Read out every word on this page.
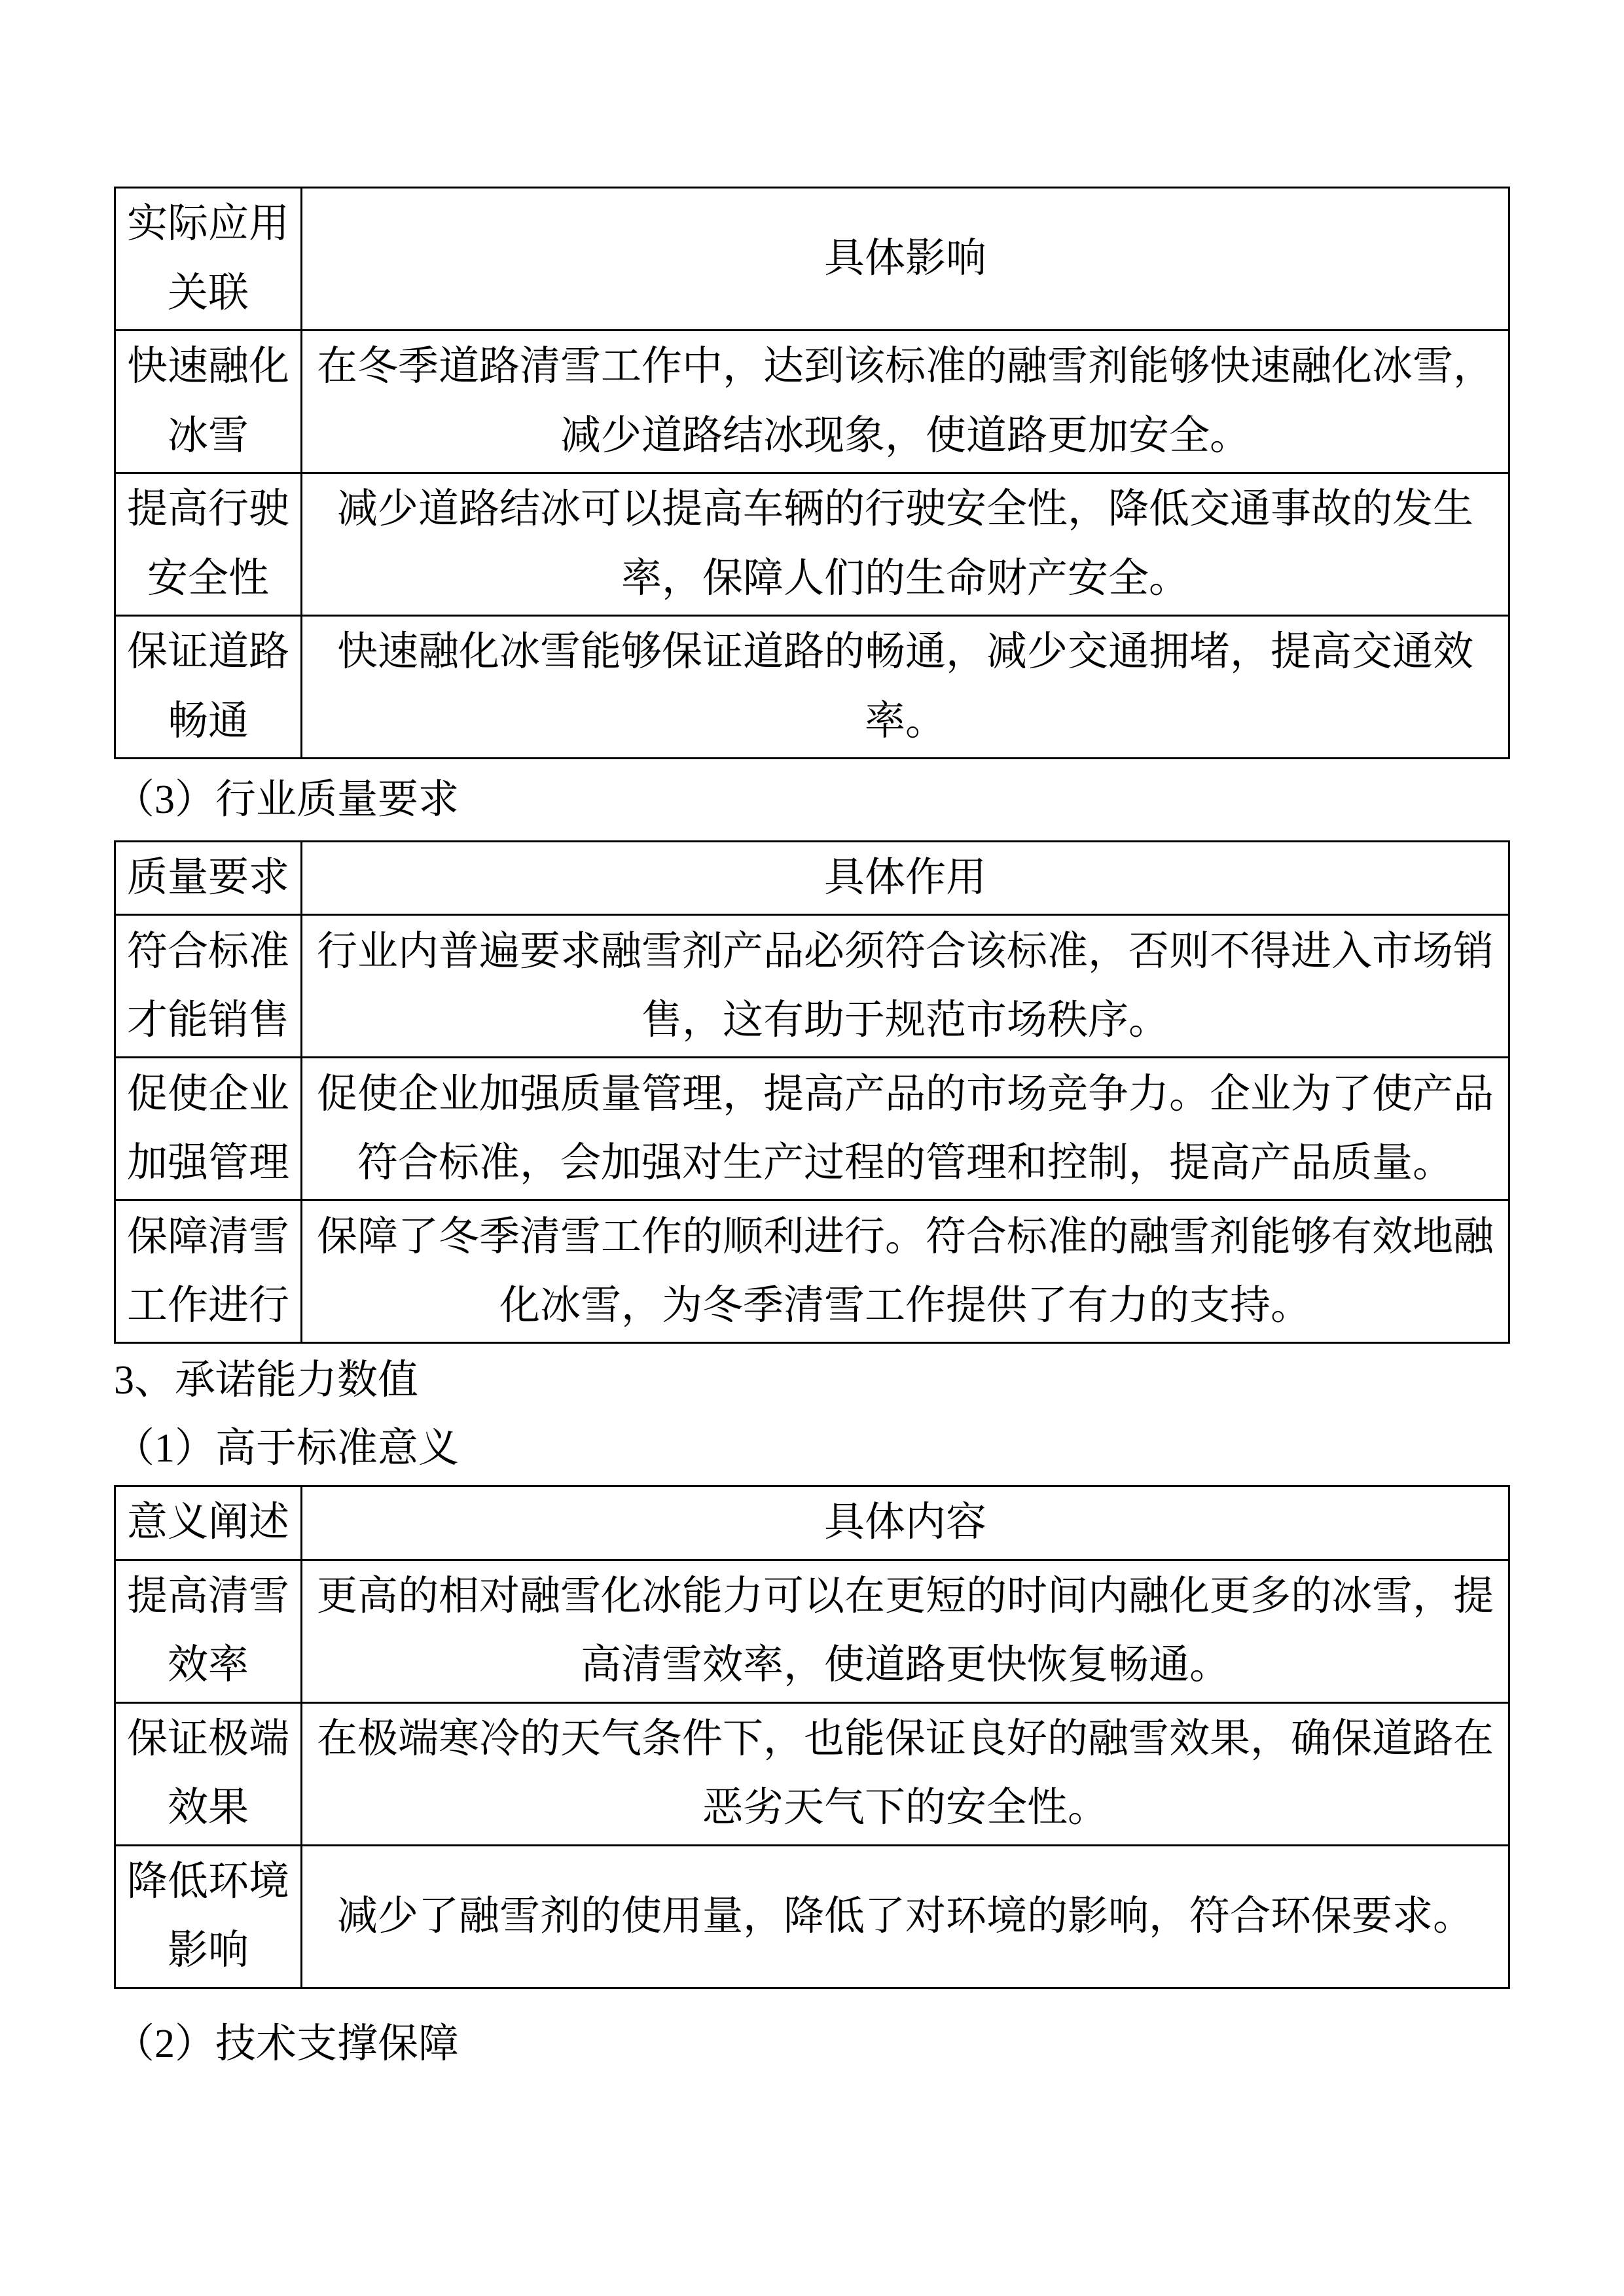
实际应用关联	具体影响
快速融化冰雪	在冬季道路清雪工作中，达到该标准的融雪剂能够快速融化冰雪，减少道路结冰现象，使道路更加安全。
提高行驶安全性	减少道路结冰可以提高车辆的行驶安全性，降低交通事故的发生率，保障人们的生命财产安全。
保证道路畅通	快速融化冰雪能够保证道路的畅通，减少交通拥堵，提高交通效率。
（3）行业质量要求
质量要求	具体作用
符合标准才能销售	行业内普遍要求融雪剂产品必须符合该标准，否则不得进入市场销售，这有助于规范市场秩序。
促使企业加强管理	促使企业加强质量管理，提高产品的市场竞争力。企业为了使产品符合标准，会加强对生产过程的管理和控制，提高产品质量。
保障清雪工作进行	保障了冬季清雪工作的顺利进行。符合标准的融雪剂能够有效地融化冰雪，为冬季清雪工作提供了有力的支持。
3、承诺能力数值
（1）高于标准意义
意义阐述	具体内容
提高清雪效率	更高的相对融雪化冰能力可以在更短的时间内融化更多的冰雪，提高清雪效率，使道路更快恢复畅通。
保证极端效果	在极端寒冷的天气条件下，也能保证良好的融雪效果，确保道路在恶劣天气下的安全性。
降低环境影响	减少了融雪剂的使用量，降低了对环境的影响，符合环保要求。
（2）技术支撑保障
